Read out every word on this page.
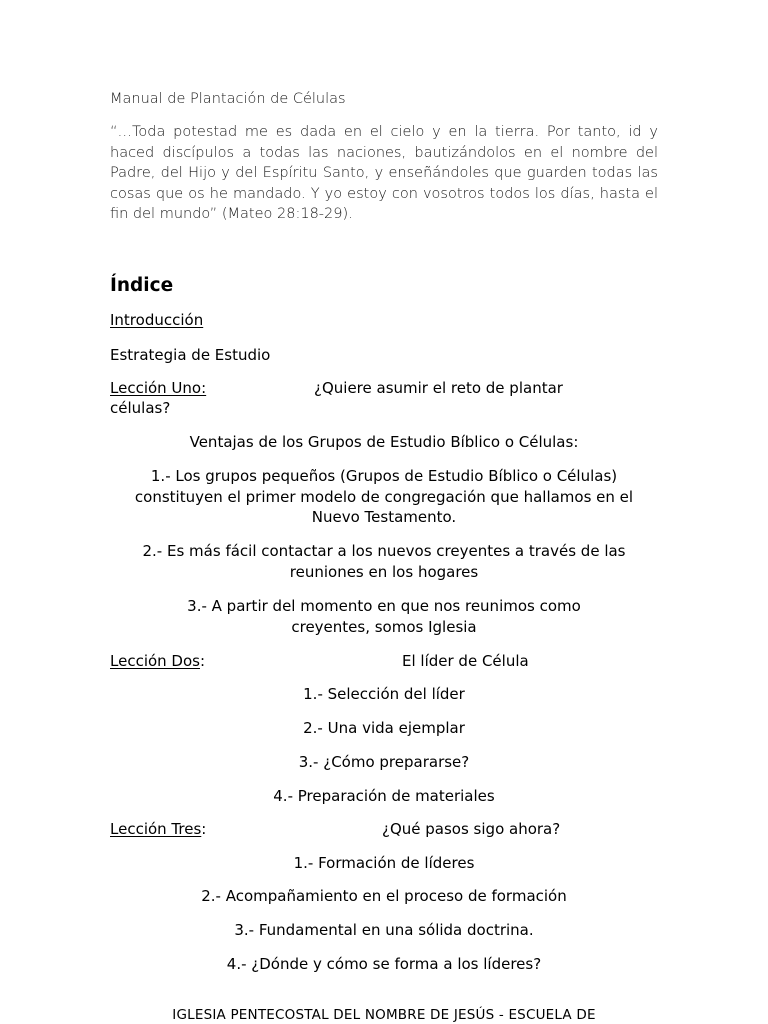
Manual de Plantación de Células

“…Toda potestad me es dada en el cielo y en la tierra. Por tanto, id y haced discípulos a todas las naciones, bautizándolos en el nombre del Padre, del Hijo y del Espíritu Santo, y enseñándoles que guarden todas las cosas que os he mandado. Y yo estoy con vosotros todos los días, hasta el fin del mundo” (Mateo 28:18-29).

Índice

Introducción

Estrategia de Estudio

Lección Uno:	¿Quiere asumir el reto de plantar

células?

Ventajas de los Grupos de Estudio Bíblico o Células:

1.- Los grupos pequeños (Grupos de Estudio Bíblico o Células) constituyen el primer modelo de congregación que hallamos en el Nuevo Testamento.

2.- Es más fácil contactar a los nuevos creyentes a través de las reuniones en los hogares

3.- A partir del momento en que nos reunimos como creyentes, somos Iglesia

Lección Dos:	El líder de Célula

1.- Selección del líder

2.- Una vida ejemplar

3.- ¿Cómo prepararse?

4.- Preparación de materiales

Lección Tres:	¿Qué pasos sigo ahora?

1.- Formación de líderes

2.- Acompañamiento en el proceso de formación

3.- Fundamental en una sólida doctrina.

4.- ¿Dónde y cómo se forma a los líderes?

IGLESIA PENTECOSTAL DEL NOMBRE DE JESÚS - ESCUELA DE
